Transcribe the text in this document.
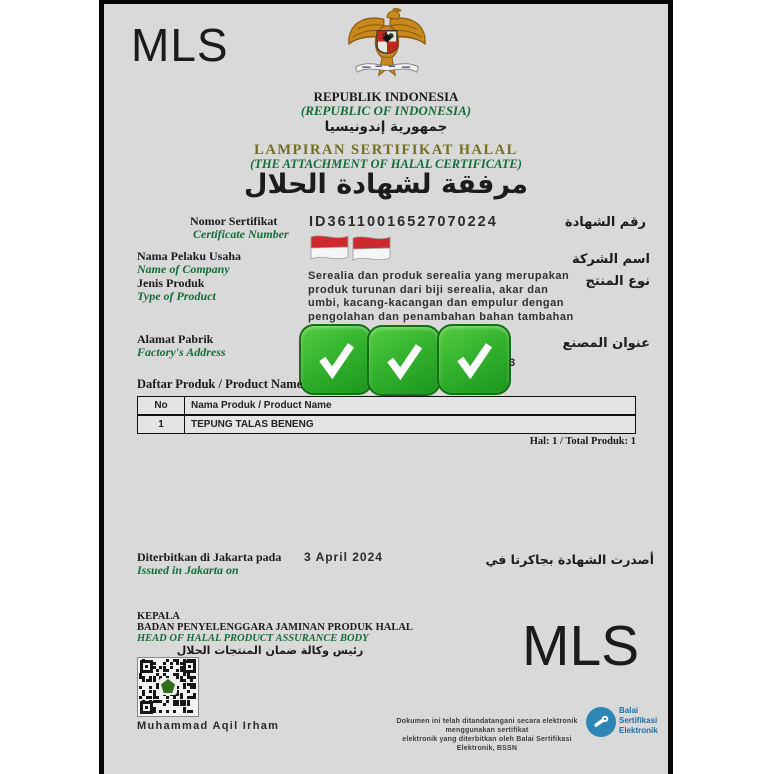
MLS
MLS
REPUBLIK INDONESIA
(REPUBLIC OF INDONESIA)
جمهورية إندونيسيا
LAMPIRAN SERTIFIKAT HALAL
(THE ATTACHMENT OF HALAL CERTIFICATE)
مرفقة لشهادة الحلال
Nomor Sertifikat
Certificate Number
ID36110016527070224	رقم الشهادة
Nama Pelaku Usaha
Name of Company
اسم الشركة
Jenis Produk
Type of Product
Serealia dan produk serealia yang merupakan produk turunan dari biji serealia, akar dan umbi, kacang-kacangan dan empulur dengan pengolahan dan penambahan bahan tambahan
نوع المنتج
Alamat Pabrik
Factory's Address
عنوان المصنع
3
Daftar Produk / Product Name
No	Nama Produk / Product Name
1	TEPUNG TALAS BENENG
Hal: 1 / Total Produk: 1
Diterbitkan di Jakarta pada
Issued in Jakarta on
3 April 2024	أصدرت الشهادة بجاكرتا في
KEPALA
BADAN PENYELENGGARA JAMINAN PRODUK HALAL
HEAD OF HALAL PRODUCT ASSURANCE BODY
رئيس وكالة ضمان المنتجات الحلال
Muhammad Aqil Irham	Dokumen ini telah ditandatangani secara elektronik menggunakan sertifikat
elektronik yang diterbitkan oleh Balai Sertifikasi Elektronik, BSSN
Balai
Sertifikasi
Elektronik
